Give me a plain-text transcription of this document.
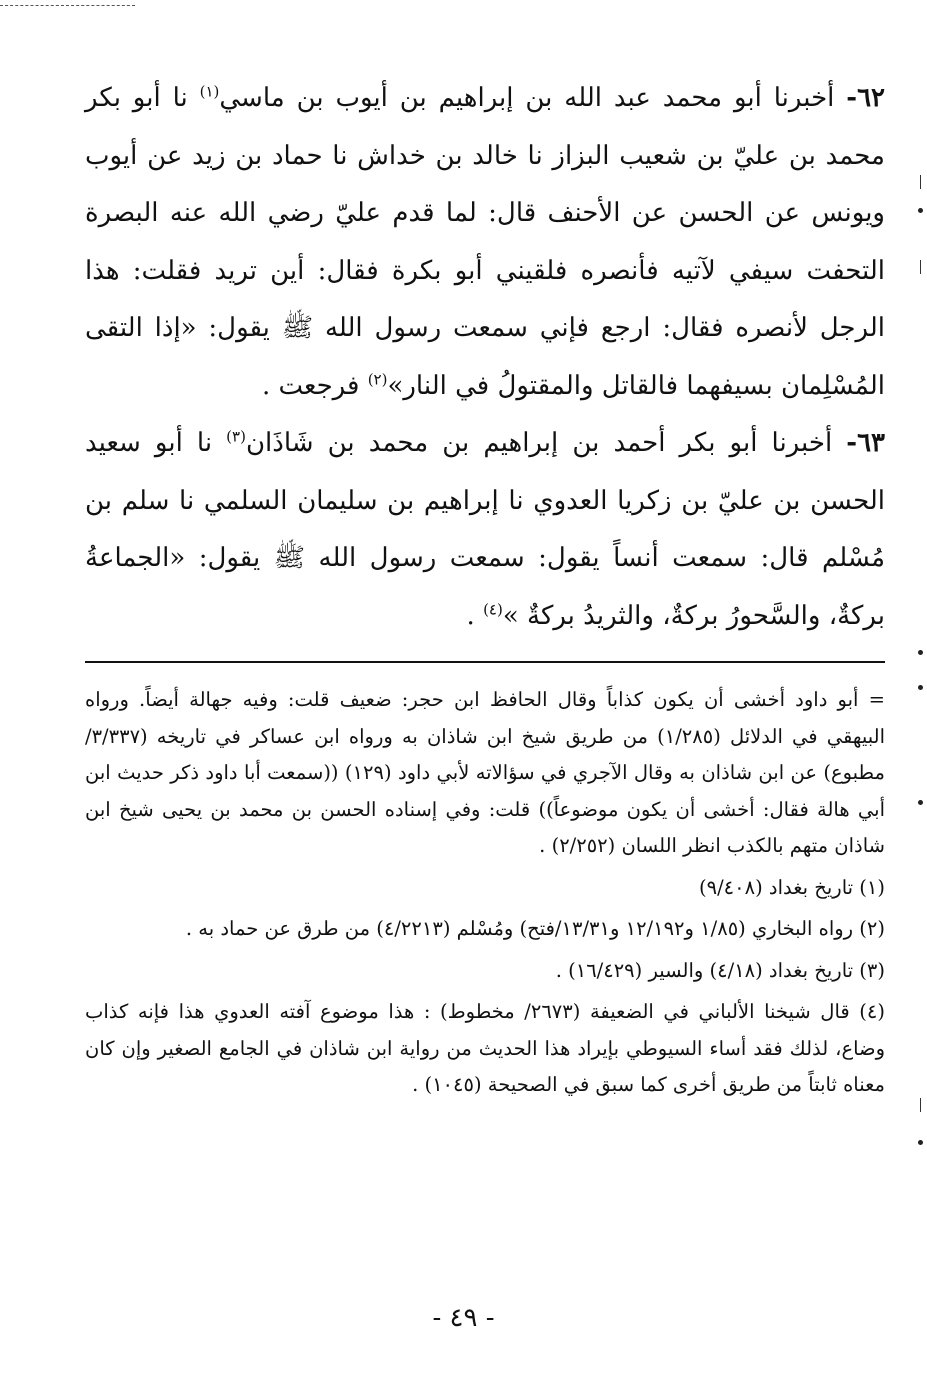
٦٢- أخبرنا أبو محمد عبد الله بن إبراهيم بن أيوب بن ماسي$^{(١)}$ نا أبو بكر محمد بن عليّ بن شعيب البزاز نا خالد بن خداش نا حماد بن زيد عن أيوب ويونس عن الحسن عن الأحنف قال: لما قدم عليّ رضي الله عنه البصرة التحفت سيفي لآتيه فأنصره فلقيني أبو بكرة فقال: أين تريد فقلت: هذا الرجل لأنصره فقال: ارجع فإني سمعت رسول الله ﷺ يقول: «إذا التقى المُسْلِمان بسيفهما فالقاتل والمقتولُ في النار»$^{(٢)}$ فرجعت .

٦٣- أخبرنا أبو بكر أحمد بن إبراهيم بن محمد بن شَاذَان$^{(٣)}$ نا أبو سعيد الحسن بن عليّ بن زكريا العدوي نا إبراهيم بن سليمان السلمي نا سلم بن مُسْلم قال: سمعت أنساً يقول: سمعت رسول الله ﷺ يقول: «الجماعةُ بركةٌ، والسَّحورُ بركةٌ، والثريدُ بركةٌ »$^{(٤)}$ .

= أبو داود أخشى أن يكون كذاباً وقال الحافظ ابن حجر: ضعيف قلت: وفيه جهالة أيضاً. ورواه البيهقي في الدلائل (١/٢٨٥) من طريق شيخ ابن شاذان به ورواه ابن عساكر في تاريخه (٣/٣٣٧/مطبوع) عن ابن شاذان به وقال الآجري في سؤالاته لأبي داود (١٢٩) ((سمعت أبا داود ذكر حديث ابن أبي هالة فقال: أخشى أن يكون موضوعاً)) قلت: وفي إسناده الحسن بن محمد بن يحيى شيخ ابن شاذان متهم بالكذب انظر اللسان (٢/٢٥٢) .

(١) تاريخ بغداد (٩/٤٠٨)

(٢) رواه البخاري (١/٨٥ و١٢/١٩٢ و١٣/٣١/فتح) ومُسْلم (٤/٢٢١٣) من طرق عن حماد به .

(٣) تاريخ بغداد (٤/١٨) والسير (١٦/٤٢٩) .

(٤) قال شيخنا الألباني في الضعيفة (٢٦٧٣/ مخطوط) : هذا موضوع آفته العدوي هذا فإنه كذاب وضاع، لذلك فقد أساء السيوطي بإيراد هذا الحديث من رواية ابن شاذان في الجامع الصغير وإن كان معناه ثابتاً من طريق أخرى كما سبق في الصحيحة (١٠٤٥) .

- ٤٩ -
